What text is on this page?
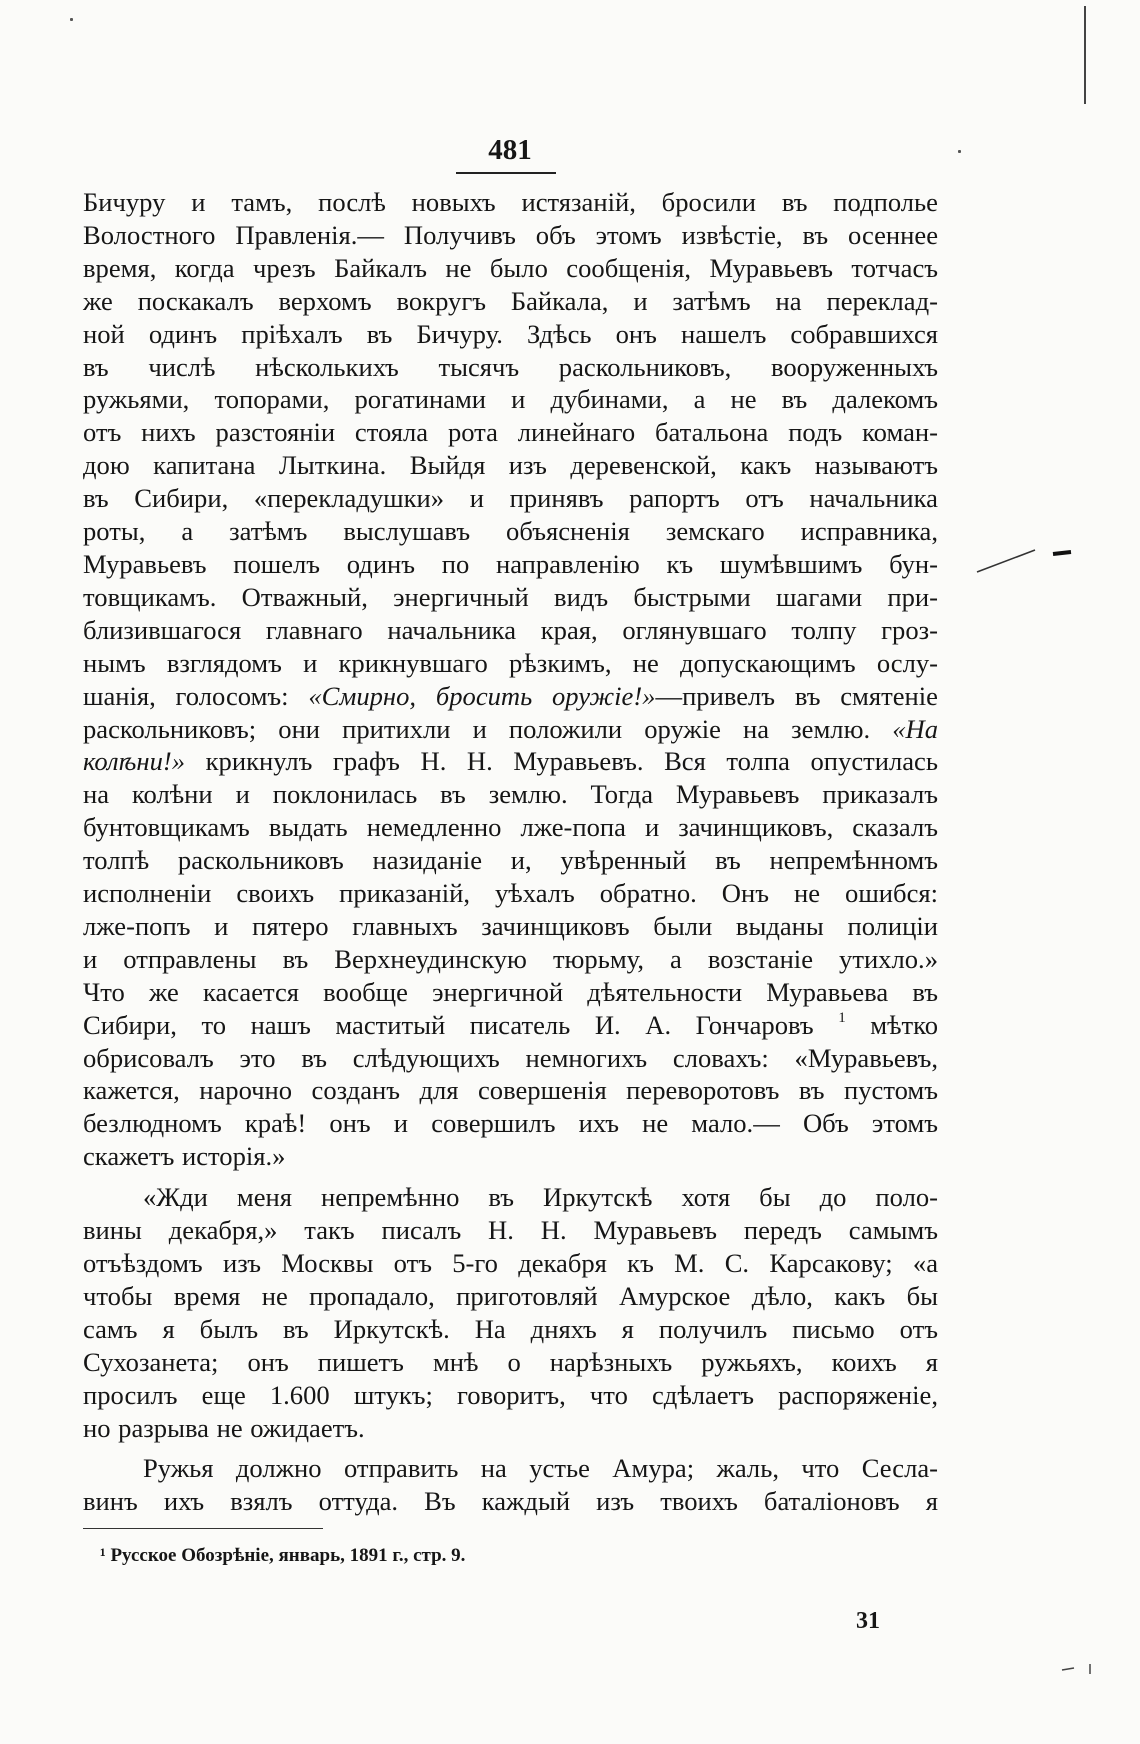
481
Бичуру и тамъ, послѣ новыхъ истязаній, бросили въ подполье
Волостного Правленія.— Получивъ объ этомъ извѣстіе, въ осеннее
время, когда чрезъ Байкалъ не было сообщенія, Муравьевъ тотчасъ
же поскакалъ верхомъ вокругъ Байкала, и затѣмъ на переклад-
ной одинъ пріѣхалъ въ Бичуру. Здѣсь онъ нашелъ собравшихся
въ числѣ нѣсколькихъ тысячъ раскольниковъ, вооруженныхъ
ружьями, топорами, рогатинами и дубинами, а не въ далекомъ
отъ нихъ разстояніи стояла рота линейнаго батальона подъ коман-
дою капитана Лыткина. Выйдя изъ деревенской, какъ называютъ
въ Сибири, «перекладушки» и принявъ рапортъ отъ начальника
роты, а затѣмъ выслушавъ объясненія земскаго исправника,
Муравьевъ пошелъ одинъ по направленію къ шумѣвшимъ бун-
товщикамъ. Отважный, энергичный видъ быстрыми шагами при-
близившагося главнаго начальника края, оглянувшаго толпу гроз-
нымъ взглядомъ и крикнувшаго рѣзкимъ, не допускающимъ ослу-
шанія, голосомъ: «Смирно, бросить оружіе!»—привелъ въ смятеніе
раскольниковъ; они притихли и положили оружіе на землю. «На
колѣни!» крикнулъ графъ Н. Н. Муравьевъ. Вся толпа опустилась
на колѣни и поклонилась въ землю. Тогда Муравьевъ приказалъ
бунтовщикамъ выдать немедленно лже-попа и зачинщиковъ, сказалъ
толпѣ раскольниковъ назиданіе и, увѣренный въ непремѣнномъ
исполненіи своихъ приказаній, уѣхалъ обратно. Онъ не ошибся:
лже-попъ и пятеро главныхъ зачинщиковъ были выданы полиціи
и отправлены въ Верхнеудинскую тюрьму, а возстаніе утихло.»
Что же касается вообще энергичной дѣятельности Муравьева въ
Сибири, то нашъ маститый писатель И. А. Гончаровъ $^1$ мѣтко
обрисовалъ это въ слѣдующихъ немногихъ словахъ: «Муравьевъ,
кажется, нарочно созданъ для совершенія переворотовъ въ пустомъ
безлюдномъ краѣ! онъ и совершилъ ихъ не мало.— Объ этомъ
скажетъ исторія.»
«Жди меня непремѣнно въ Иркутскѣ хотя бы до поло-
вины декабря,» такъ писалъ Н. Н. Муравьевъ передъ самымъ
отъѣздомъ изъ Москвы отъ 5-го декабря къ М. С. Карсакову; «а
чтобы время не пропадало, приготовляй Амурское дѣло, какъ бы
самъ я былъ въ Иркутскѣ. На дняхъ я получилъ письмо отъ
Сухозанета; онъ пишетъ мнѣ о нарѣзныхъ ружьяхъ, коихъ я
просилъ еще 1.600 штукъ; говоритъ, что сдѣлаетъ распоряженіе,
но разрыва не ожидаетъ.
Ружья должно отправить на устье Амура; жаль, что Сесла-
винъ ихъ взялъ оттуда. Въ каждый изъ твоихъ баталіоновъ я
¹ Русское Обозрѣніе, январь, 1891 г., стр. 9.
31
